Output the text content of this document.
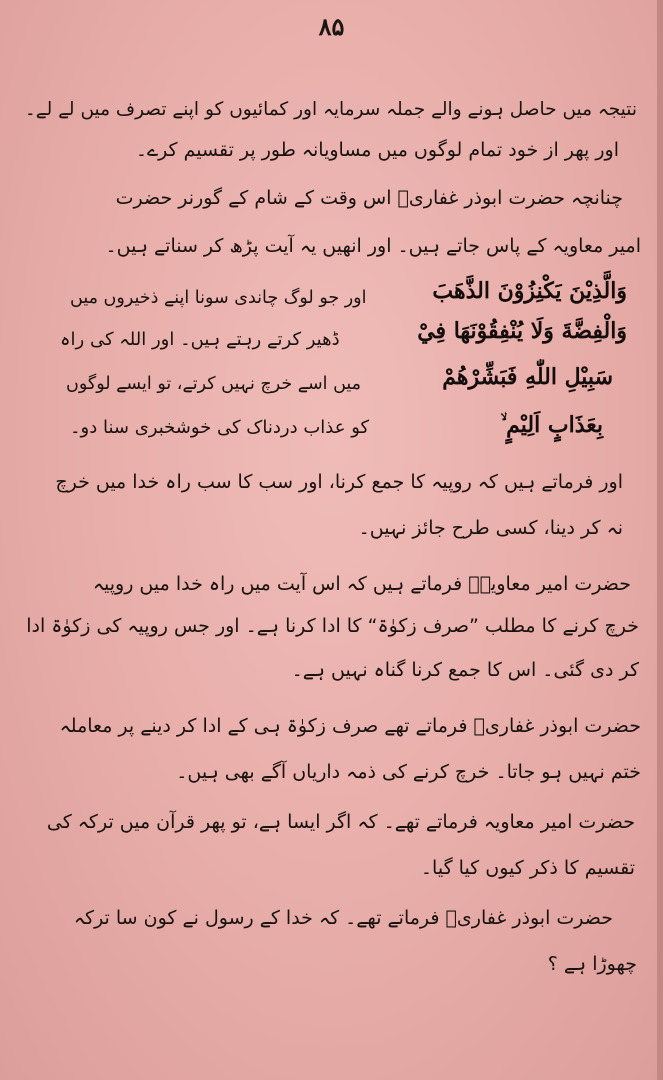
۸۵
نتیجہ میں حاصل ہونے والے جملہ سرمایہ اور کمائیوں کو اپنے تصرف میں لے لے۔
اور پھر از خود تمام لوگوں میں مساویانہ طور پر تقسیم کرے۔
چنانچہ حضرت ابوذر غفاریؓ اس وقت کے شام کے گورنر حضرت
امیر معاویہ کے پاس جاتے ہیں۔ اور انھیں یہ آیت پڑھ کر سناتے ہیں۔
وَالَّذِيْنَ يَكْنِزُوْنَ الذَّهَبَ
وَالْفِضَّةَ وَلَا يُنْفِقُوْنَهَا فِيْ
سَبِيْلِ اللّٰهِ فَبَشِّرْهُمْ
بِعَذَابٍ اَلِيْمٍ ۙ
اور جو لوگ چاندی سونا اپنے ذخیروں میں
ڈھیر کرتے رہتے ہیں۔ اور اللہ کی راہ
میں اسے خرچ نہیں کرتے، تو ایسے لوگوں
کو عذاب دردناک کی خوشخبری سنا دو۔
اور فرماتے ہیں کہ روپیہ کا جمع کرنا، اور سب کا سب راہ خدا میں خرچ
نہ کر دینا، کسی طرح جائز نہیں۔
حضرت امیر معاویہؓ فرماتے ہیں کہ اس آیت میں راہ خدا میں روپیہ
خرچ کرنے کا مطلب ”صرف زکوٰۃ“ کا ادا کرنا ہے۔ اور جس روپیہ کی زکوٰۃ ادا
کر دی گئی۔ اس کا جمع کرنا گناہ نہیں ہے۔
حضرت ابوذر غفاریؓ فرماتے تھے صرف زکوٰۃ ہی کے ادا کر دینے پر معاملہ
ختم نہیں ہو جاتا۔ خرچ کرنے کی ذمہ داریاں آگے بھی ہیں۔
حضرت امیر معاویہ فرماتے تھے۔ کہ اگر ایسا ہے، تو پھر قرآن میں ترکہ کی
تقسیم کا ذکر کیوں کیا گیا۔
حضرت ابوذر غفاریؓ فرماتے تھے۔ کہ خدا کے رسول نے کون سا ترکہ
چھوڑا ہے ؟
